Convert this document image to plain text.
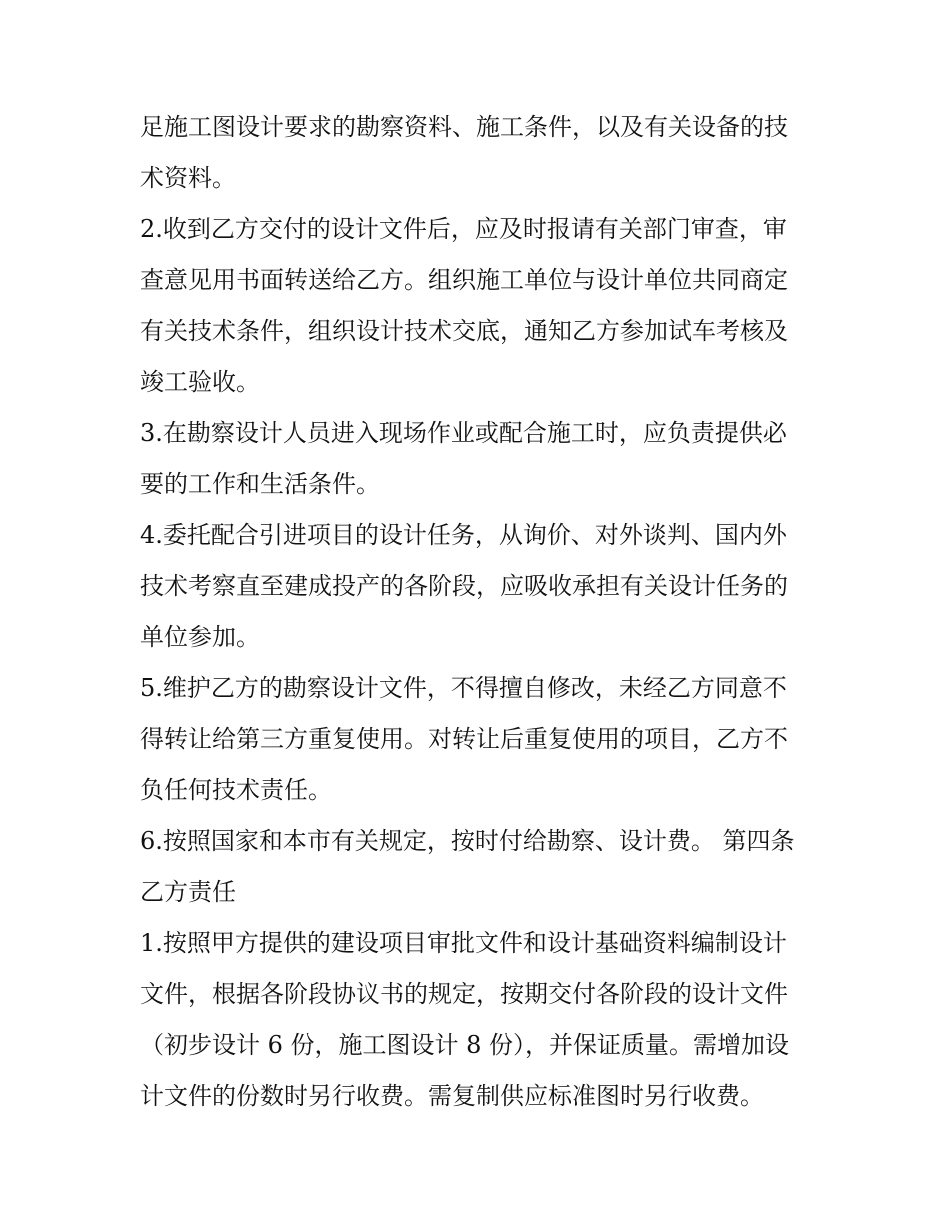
足施工图设计要求的勘察资料、施工条件，以及有关设备的技
术资料。
2.收到乙方交付的设计文件后，应及时报请有关部门审查，审
查意见用书面转送给乙方。组织施工单位与设计单位共同商定
有关技术条件，组织设计技术交底，通知乙方参加试车考核及
竣工验收。
3.在勘察设计人员进入现场作业或配合施工时，应负责提供必
要的工作和生活条件。
4.委托配合引进项目的设计任务，从询价、对外谈判、国内外
技术考察直至建成投产的各阶段，应吸收承担有关设计任务的
单位参加。
5.维护乙方的勘察设计文件，不得擅自修改，未经乙方同意不
得转让给第三方重复使用。对转让后重复使用的项目，乙方不
负任何技术责任。
6.按照国家和本市有关规定，按时付给勘察、设计费。 第四条
乙方责任
1.按照甲方提供的建设项目审批文件和设计基础资料编制设计
文件，根据各阶段协议书的规定，按期交付各阶段的设计文件
（初步设计 6 份，施工图设计 8 份），并保证质量。需增加设
计文件的份数时另行收费。需复制供应标准图时另行收费。
